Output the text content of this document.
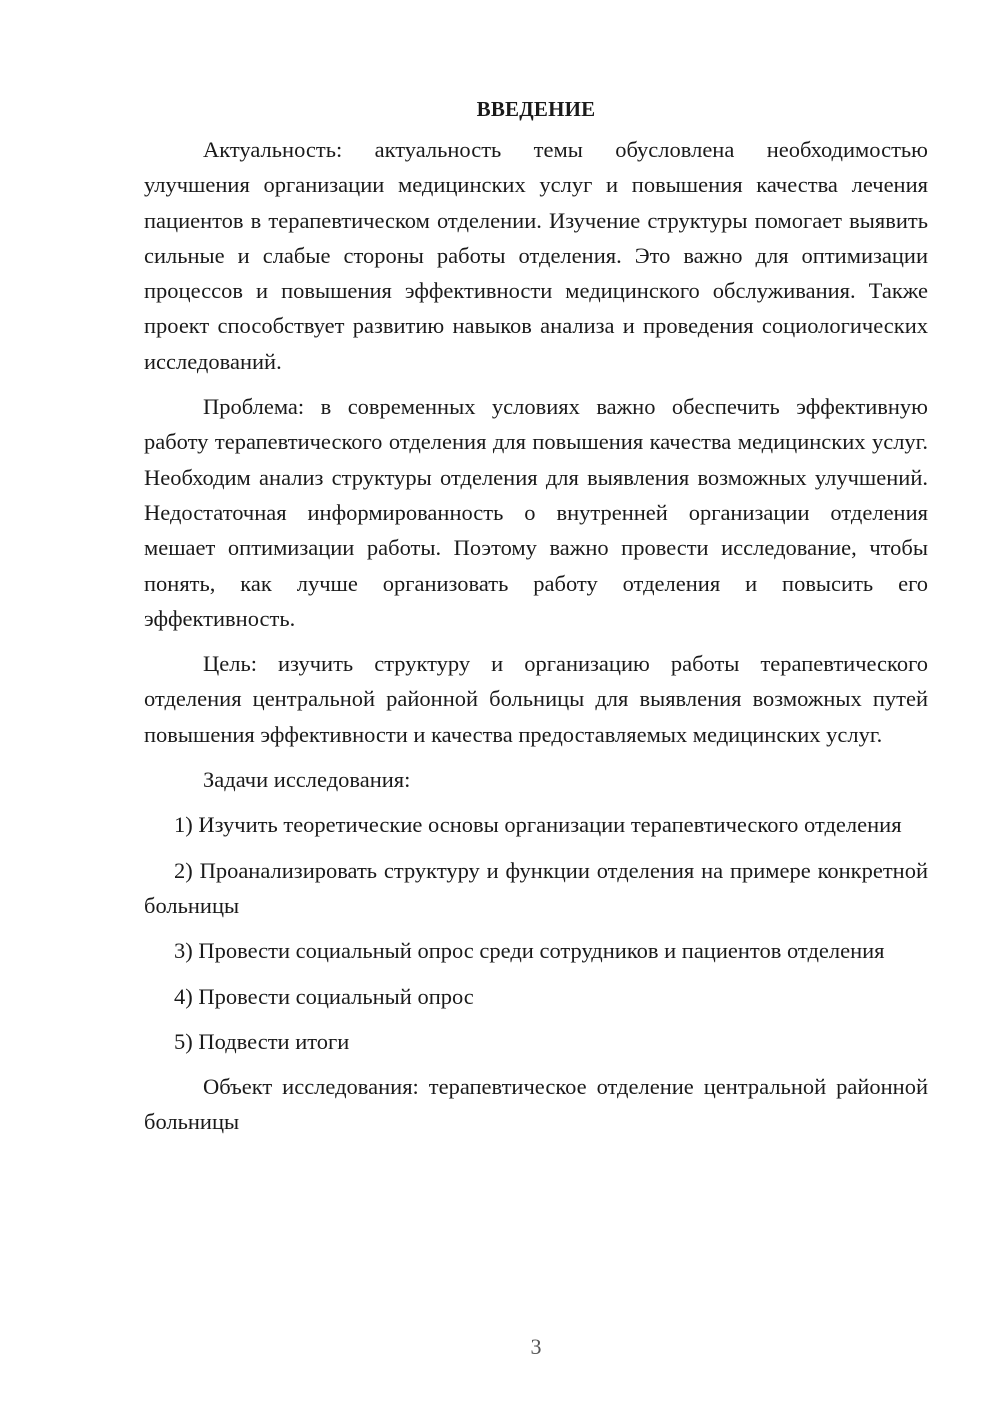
ВВЕДЕНИЕ

Актуальность: актуальность темы обусловлена необходимостью улучшения организации медицинских услуг и повышения качества лечения пациентов в терапевтическом отделении. Изучение структуры помогает выявить сильные и слабые стороны работы отделения. Это важно для оптимизации процессов и повышения эффективности медицинского обслуживания. Также проект способствует развитию навыков анализа и проведения социологических исследований.

Проблема: в современных условиях важно обеспечить эффективную работу терапевтического отделения для повышения качества медицинских услуг. Необходим анализ структуры отделения для выявления возможных улучшений. Недостаточная информированность о внутренней организации отделения мешает оптимизации работы. Поэтому важно провести исследование, чтобы понять, как лучше организовать работу отделения и повысить его эффективность.

Цель: изучить структуру и организацию работы терапевтического отделения центральной районной больницы для выявления возможных путей повышения эффективности и качества предоставляемых медицинских услуг.

Задачи исследования:

1) Изучить теоретические основы организации терапевтического отделения

2) Проанализировать структуру и функции отделения на примере конкретной больницы

3) Провести социальный опрос среди сотрудников и пациентов отделения

4) Провести социальный опрос

5) Подвести итоги

Объект исследования: терапевтическое отделение центральной районной больницы

3
